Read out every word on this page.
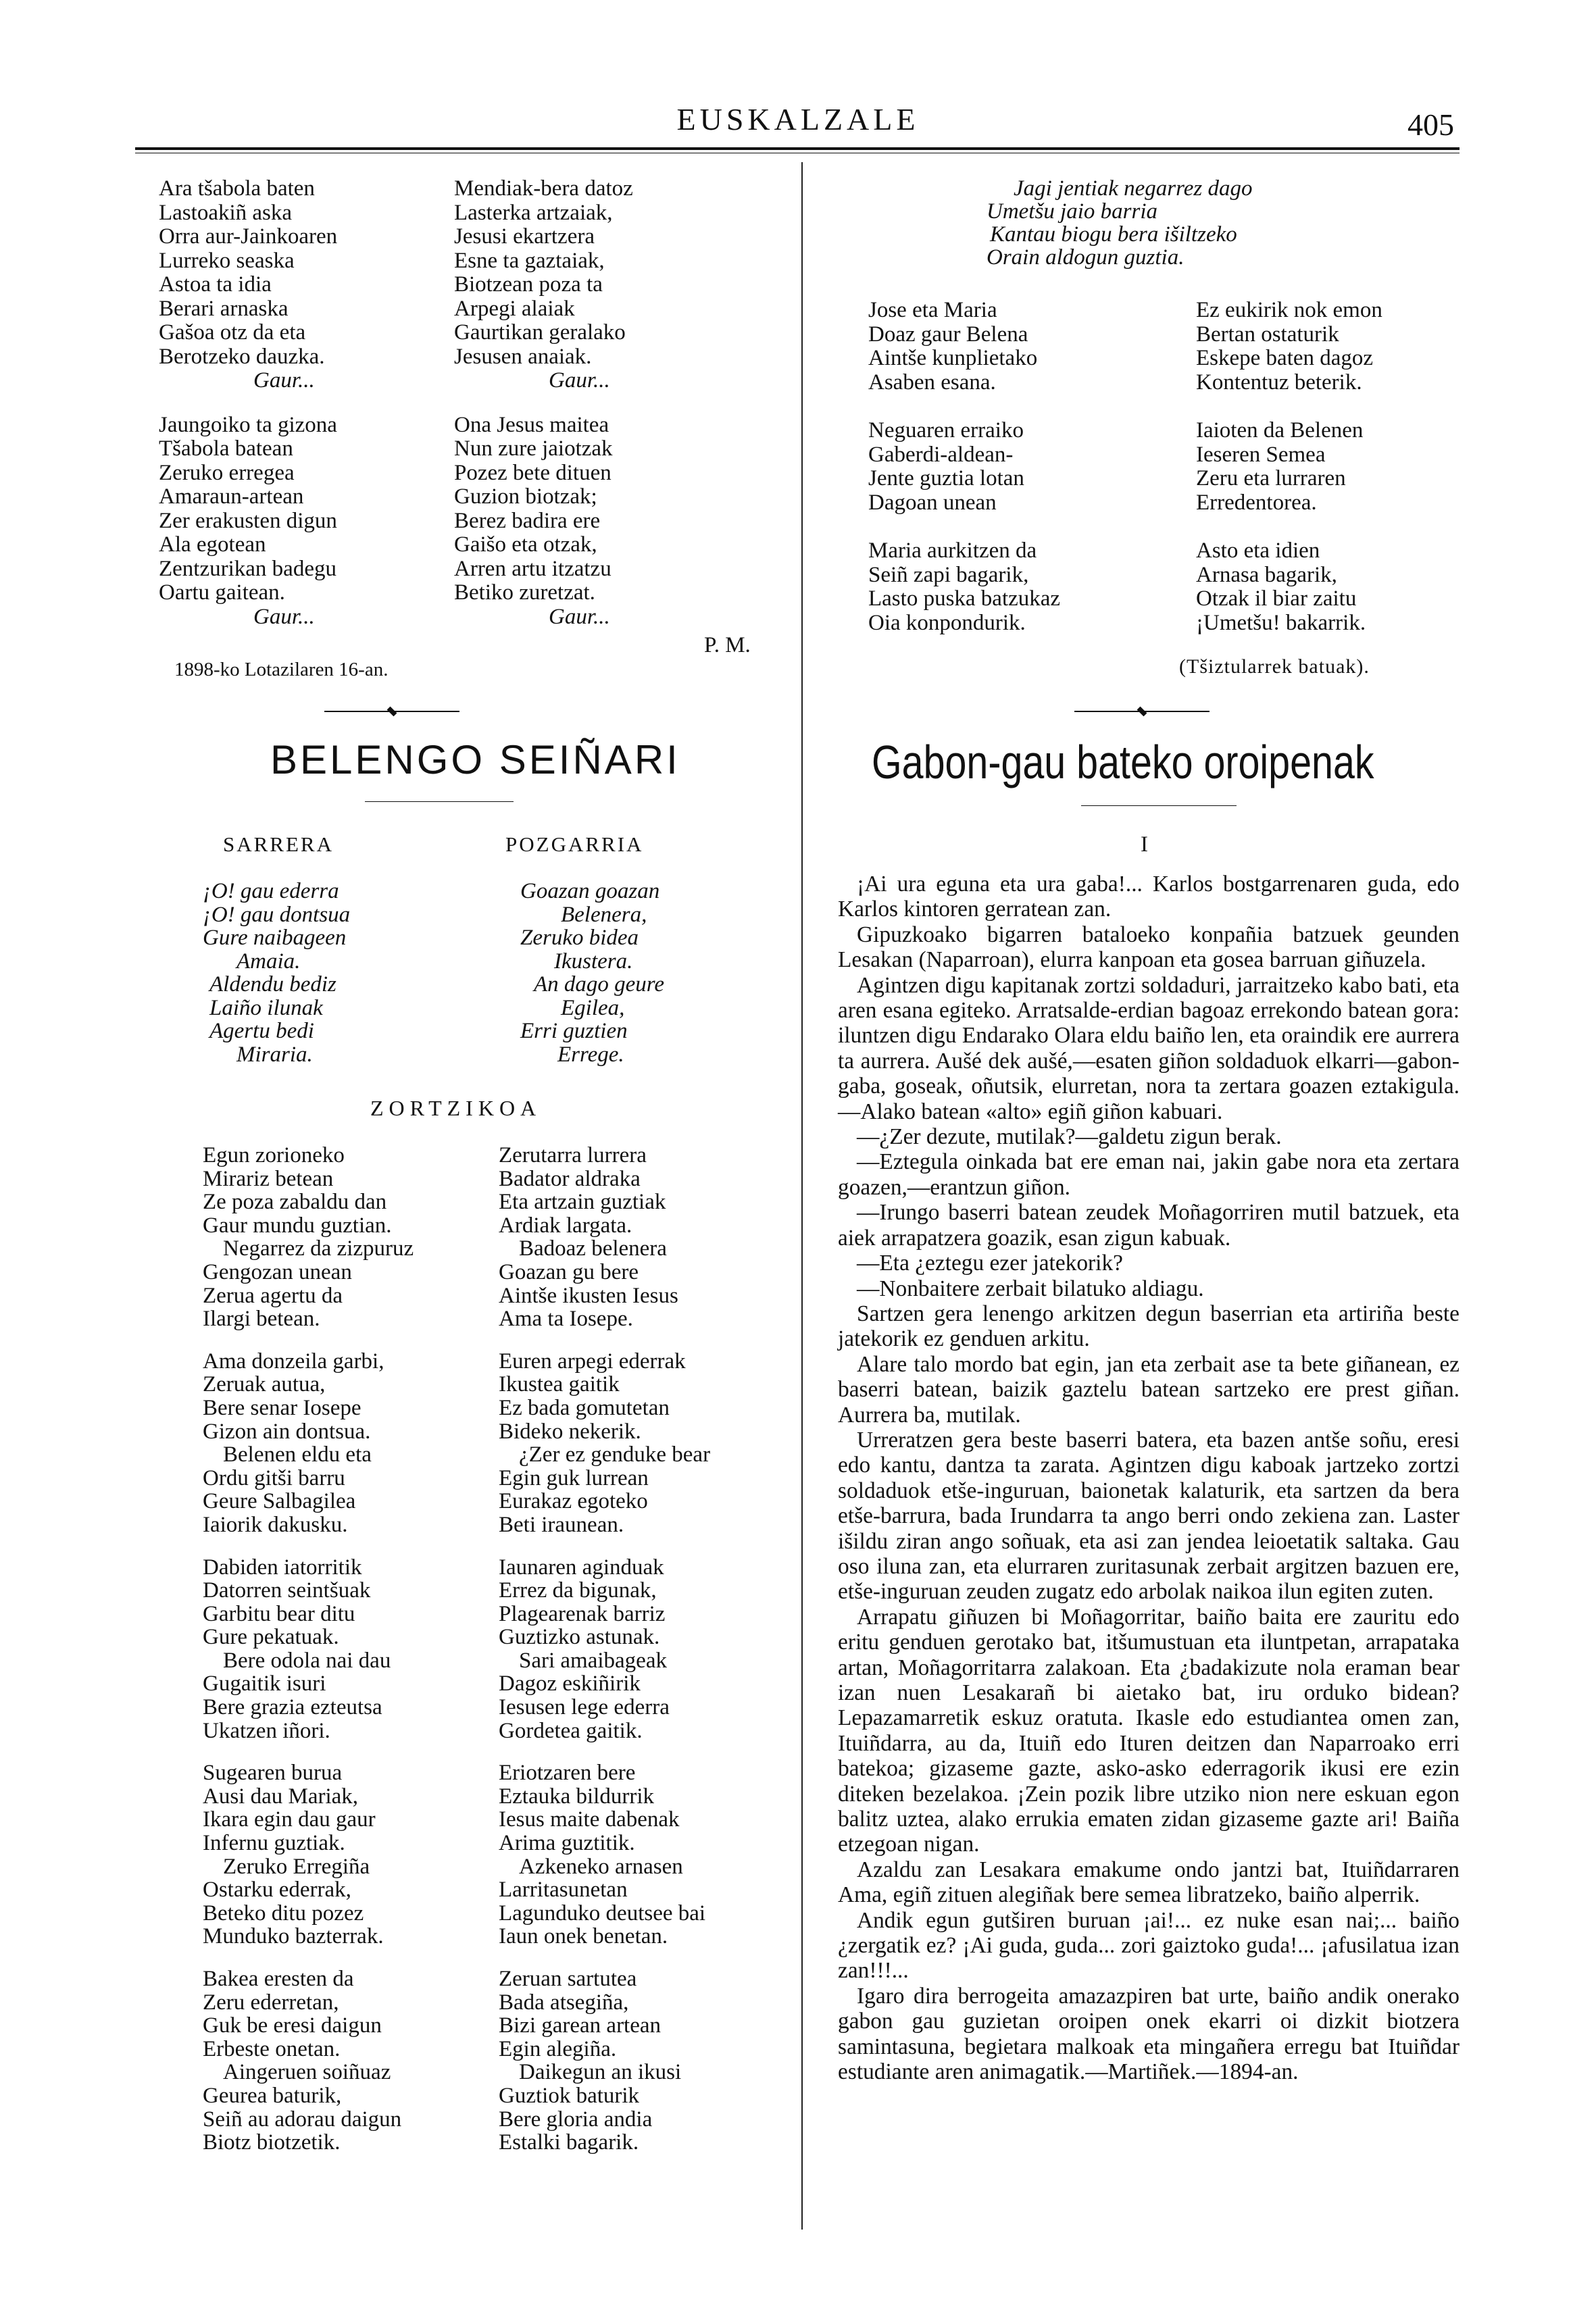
EUSKALZALE	405
Ara tšabola baten
Lastoakiñ aska
Orra aur-Jainkoaren
Lurreko seaska
Astoa ta idia
Berari arnaska
Gašoa otz da eta
Berotzeko dauzka.
Gaur...
Jaungoiko ta gizona
Tšabola batean
Zeruko erregea
Amaraun-artean
Zer erakusten digun
Ala egotean
Zentzurikan badegu
Oartu gaitean.
Gaur...
Mendiak-bera datoz
Lasterka artzaiak,
Jesusi ekartzera
Esne ta gaztaiak,
Biotzean poza ta
Arpegi alaiak
Gaurtikan geralako
Jesusen anaiak.
Gaur...
Ona Jesus maitea
Nun zure jaiotzak
Pozez bete dituen
Guzion biotzak;
Berez badira ere
Gaišo eta otzak,
Arren artu itzatzu
Betiko zuretzat.
Gaur...
P. M.
1898-ko Lotazilaren 16-an.
Jagi jentiak negarrez dago
Umetšu jaio barria
Kantau biogu bera išiltzeko
Orain aldogun guztia.
Jose eta Maria
Doaz gaur Belena
Aintše kunplietako
Asaben esana.
Neguaren erraiko
Gaberdi-aldean-
Jente guztia lotan
Dagoan unean
Maria aurkitzen da
Seiñ zapi bagarik,
Lasto puska batzukaz
Oia konpondurik.
Ez eukirik nok emon
Bertan ostaturik
Eskepe baten dagoz
Kontentuz beterik.
Iaioten da Belenen
Ieseren Semea
Zeru eta lurraren
Erredentorea.
Asto eta idien
Arnasa bagarik,
Otzak il biar zaitu
¡Umetšu! bakarrik.
(Tšiztularrek batuak).
BELENGO SEIÑARI
SARRERA	POZGARRIA
¡O! gau ederra
¡O! gau dontsua
Gure naibageen
Amaia.
Aldendu bediz
Laiño ilunak
Agertu bedi
Miraria.
Goazan goazan
Belenera,
Zeruko bidea
Ikustera.
An dago geure
Egilea,
Erri guztien
Errege.
ZORTZIKOA
Egun zorioneko
Mirariz betean
Ze poza zabaldu dan
Gaur mundu guztian.
Negarrez da zizpuruz
Gengozan unean
Zerua agertu da
Ilargi betean.
Ama donzeila garbi,
Zeruak autua,
Bere senar Iosepe
Gizon ain dontsua.
Belenen eldu eta
Ordu gitši barru
Geure Salbagilea
Iaiorik dakusku.
Dabiden iatorritik
Datorren seintšuak
Garbitu bear ditu
Gure pekatuak.
Bere odola nai dau
Gugaitik isuri
Bere grazia ezteutsa
Ukatzen iñori.
Sugearen burua
Ausi dau Mariak,
Ikara egin dau gaur
Infernu guztiak.
Zeruko Erregiña
Ostarku ederrak,
Beteko ditu pozez
Munduko bazterrak.
Bakea eresten da
Zeru ederretan,
Guk be eresi daigun
Erbeste onetan.
Aingeruen soiñuaz
Geurea baturik,
Seiñ au adorau daigun
Biotz biotzetik.
Zerutarra lurrera
Badator aldraka
Eta artzain guztiak
Ardiak largata.
Badoaz belenera
Goazan gu bere
Aintše ikusten Iesus
Ama ta Iosepe.
Euren arpegi ederrak
Ikustea gaitik
Ez bada gomutetan
Bideko nekerik.
¿Zer ez genduke bear
Egin guk lurrean
Eurakaz egoteko
Beti iraunean.
Iaunaren aginduak
Errez da bigunak,
Plagearenak barriz
Guztizko astunak.
Sari amaibageak
Dagoz eskiñirik
Iesusen lege ederra
Gordetea gaitik.
Eriotzaren bere
Eztauka bildurrik
Iesus maite dabenak
Arima guztitik.
Azkeneko arnasen
Larritasunetan
Lagunduko deutsee bai
Iaun onek benetan.
Zeruan sartutea
Bada atsegiña,
Bizi garean artean
Egin alegiña.
Daikegun an ikusi
Guztiok baturik
Bere gloria andia
Estalki bagarik.
Gabon-gau bateko oroipenak
I

¡Ai ura eguna eta ura gaba!... Karlos bostgarrenaren guda, edo Karlos kintoren gerratean zan.

Gipuzkoako bigarren bataloeko konpañia batzuek geunden Lesakan (Naparroan), elurra kanpoan eta gosea barruan giñuzela.

Agintzen digu kapitanak zortzi soldaduri, jarraitzeko kabo bati, eta aren esana egiteko. Arratsalde-erdian bagoaz errekondo batean gora: iluntzen digu Endarako Olara eldu baiño len, eta oraindik ere aurrera ta aurrera. Aušé dek aušé,—esaten giñon soldaduok elkarri—gabon-gaba, goseak, oñutsik, elurretan, nora ta zertara goazen eztakigula.—Alako batean «alto» egiñ giñon kabuari.

—¿Zer dezute, mutilak?—galdetu zigun berak.

—Eztegula oinkada bat ere eman nai, jakin gabe nora eta zertara goazen,—erantzun giñon.

—Irungo baserri batean zeudek Moñagorriren mutil batzuek, eta aiek arrapatzera goazik, esan zigun kabuak.

—Eta ¿eztegu ezer jatekorik?

—Nonbaitere zerbait bilatuko aldiagu.

Sartzen gera lenengo arkitzen degun baserrian eta artiriña beste jatekorik ez genduen arkitu.

Alare talo mordo bat egin, jan eta zerbait ase ta bete giñanean, ez baserri batean, baizik gaztelu batean sartzeko ere prest giñan. Aurrera ba, mutilak.

Urreratzen gera beste baserri batera, eta bazen antše soñu, eresi edo kantu, dantza ta zarata. Agintzen digu kaboak jartzeko zortzi soldaduok etše-inguruan, baionetak kalaturik, eta sartzen da bera etše-barrura, bada Irundarra ta ango berri ondo zekiena zan. Laster išildu ziran ango soñuak, eta asi zan jendea leioetatik saltaka. Gau oso iluna zan, eta elurraren zuritasunak zerbait argitzen bazuen ere, etše-inguruan zeuden zugatz edo arbolak naikoa ilun egiten zuten.

Arrapatu giñuzen bi Moñagorritar, baiño baita ere zauritu edo eritu genduen gerotako bat, itšumustuan eta iluntpetan, arrapataka artan, Moñagorritarra zalakoan. Eta ¿badakizute nola eraman bear izan nuen Lesakarañ bi aietako bat, iru orduko bidean? Lepazamarretik eskuz oratuta. Ikasle edo estudiantea omen zan, Ituiñdarra, au da, Ituiñ edo Ituren deitzen dan Naparroako erri batekoa; gizaseme gazte, asko-asko ederragorik ikusi ere ezin diteken bezelakoa. ¡Zein pozik libre utziko nion nere eskuan egon balitz uztea, alako errukia ematen zidan gizaseme gazte ari! Baiña etzegoan nigan.

Azaldu zan Lesakara emakume ondo jantzi bat, Ituiñdarraren Ama, egiñ zituen alegiñak bere semea libratzeko, baiño alperrik.

Andik egun gutširen buruan ¡ai!... ez nuke esan nai;... baiño ¿zergatik ez? ¡Ai guda, guda... zori gaiztoko guda!... ¡afusilatua izan zan!!!...

Igaro dira berrogeita amazazpiren bat urte, baiño andik onerako gabon gau guzietan oroipen onek ekarri oi dizkit biotzera samintasuna, begietara malkoak eta mingañera erregu bat Ituiñdar estudiante aren animagatik.—Martiñek.—1894-an.
